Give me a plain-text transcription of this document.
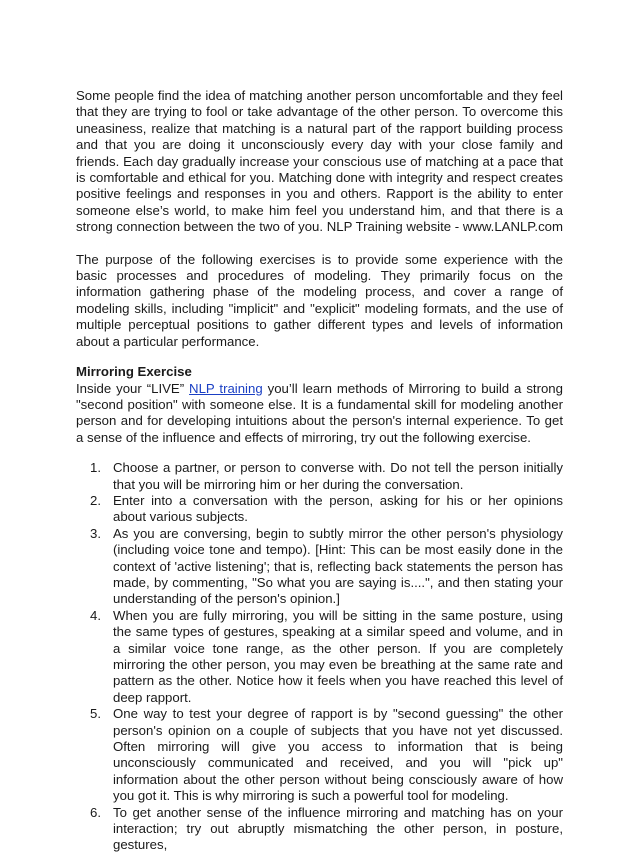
Some people find the idea of matching another person uncomfortable and they feel that they are trying to fool or take advantage of the other person. To overcome this uneasiness, realize that matching is a natural part of the rapport building process and that you are doing it unconsciously every day with your close family and friends. Each day gradually increase your conscious use of matching at a pace that is comfortable and ethical for you. Matching done with integrity and respect creates positive feelings and responses in you and others. Rapport is the ability to enter someone else’s world, to make him feel you understand him, and that there is a strong connection between the two of you. NLP Training website - www.LANLP.com

The purpose of the following exercises is to provide some experience with the basic processes and procedures of modeling. They primarily focus on the information gathering phase of the modeling process, and cover a range of modeling skills, including "implicit" and "explicit" modeling formats, and the use of multiple perceptual positions to gather different types and levels of information about a particular performance.

Mirroring Exercise

Inside your “LIVE” NLP training you’ll learn methods of Mirroring to build a strong "second position" with someone else. It is a fundamental skill for modeling another person and for developing intuitions about the person's internal experience. To get a sense of the influence and effects of mirroring, try out the following exercise.

1. Choose a partner, or person to converse with. Do not tell the person initially that you will be mirroring him or her during the conversation.
2. Enter into a conversation with the person, asking for his or her opinions about various subjects.
3. As you are conversing, begin to subtly mirror the other person's physiology (including voice tone and tempo). [Hint: This can be most easily done in the context of 'active listening'; that is, reflecting back statements the person has made, by commenting, "So what you are saying is....", and then stating your understanding of the person's opinion.]
4. When you are fully mirroring, you will be sitting in the same posture, using the same types of gestures, speaking at a similar speed and volume, and in a similar voice tone range, as the other person. If you are completely mirroring the other person, you may even be breathing at the same rate and pattern as the other. Notice how it feels when you have reached this level of deep rapport.
5. One way to test your degree of rapport is by "second guessing" the other person's opinion on a couple of subjects that you have not yet discussed. Often mirroring will give you access to information that is being unconsciously communicated and received, and you will "pick up" information about the other person without being consciously aware of how you got it. This is why mirroring is such a powerful tool for modeling.
6. To get another sense of the influence mirroring and matching has on your interaction; try out abruptly mismatching the other person, in posture, gestures,
